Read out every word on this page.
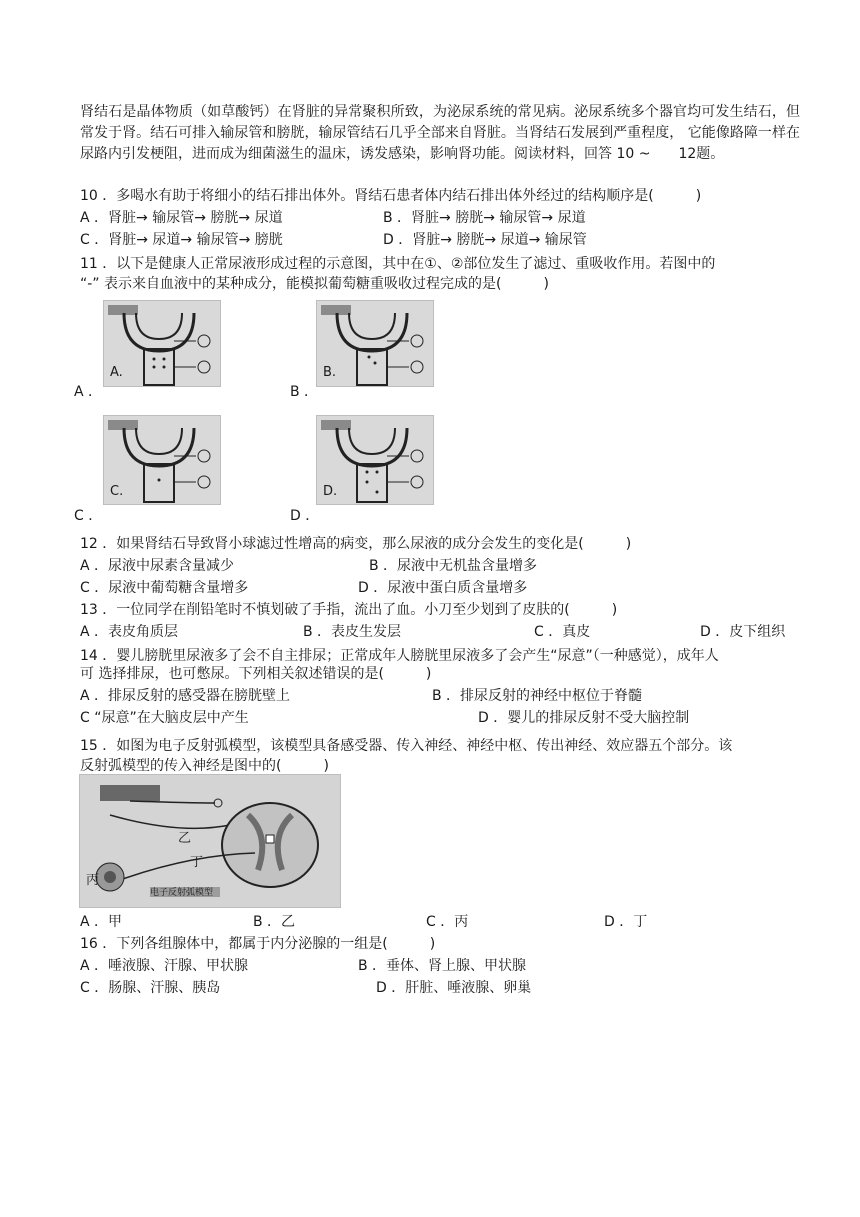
肾结石是晶体物质（如草酸钙）在肾脏的异常聚积所致，为泌尿系统的常见病。泌尿系统多个器官均可发生结石，但常发于肾。结石可排入输尿管和膀胱，输尿管结石几乎全部来自肾脏。当肾结石发展到严重程度， 它能像路障一样在尿路内引发梗阻，进而成为细菌滋生的温床，诱发感染，影响肾功能。阅读材料，回答 10 ~　　12题。
10 ．多喝水有助于将细小的结石排出体外。肾结石患者体内结石排出体外经过的结构顺序是(　　　)
A ．肾脏→ 输尿管→ 膀胱→ 尿道	B ．肾脏→ 膀胱→ 输尿管→ 尿道
C ．肾脏→ 尿道→ 输尿管→ 膀胱	D ．肾脏→ 膀胱→ 尿道→ 输尿管
11 ．以下是健康人正常尿液形成过程的示意图，其中在①、②部位发生了滤过、重吸收作用。若图中的
“-” 表示来自血液中的某种成分，能模拟葡萄糖重吸收过程完成的是(　　　)
A.
A ．
B.
B ．
C.
C ．
D.
D ．
12 ．如果肾结石导致肾小球滤过性增高的病变，那么尿液的成分会发生的变化是(　　　)
A ．尿液中尿素含量减少	B ．尿液中无机盐含量增多
C ．尿液中葡萄糖含量增多	D ．尿液中蛋白质含量增多
13 ．一位同学在削铅笔时不慎划破了手指，流出了血。小刀至少划到了皮肤的(　　　)
A ．表皮角质层	B ．表皮生发层	C ．真皮	D ．皮下组织
14 ．婴儿膀胱里尿液多了会不自主排尿；正常成年人膀胱里尿液多了会产生“尿意”（一种感觉），成年人
可 选择排尿，也可憋尿。下列相关叙述错误的是(　　　)
A ．排尿反射的感受器在膀胱壁上	B ．排尿反射的神经中枢位于脊髓
C “尿意”在大脑皮层中产生	D ．婴儿的排尿反射不受大脑控制
15 ．如图为电子反射弧模型，该模型具备感受器、传入神经、神经中枢、传出神经、效应器五个部分。该
反射弧模型的传入神经是图中的(　　　)
乙
丁
丙
电子反射弧模型
A ．甲	B ．乙	C ．丙	D ．丁
16 ．下列各组腺体中，都属于内分泌腺的一组是(　　　)
A ．唾液腺、汗腺、甲状腺	B ．垂体、肾上腺、甲状腺
C ．肠腺、汗腺、胰岛	D ．肝脏、唾液腺、卵巢
